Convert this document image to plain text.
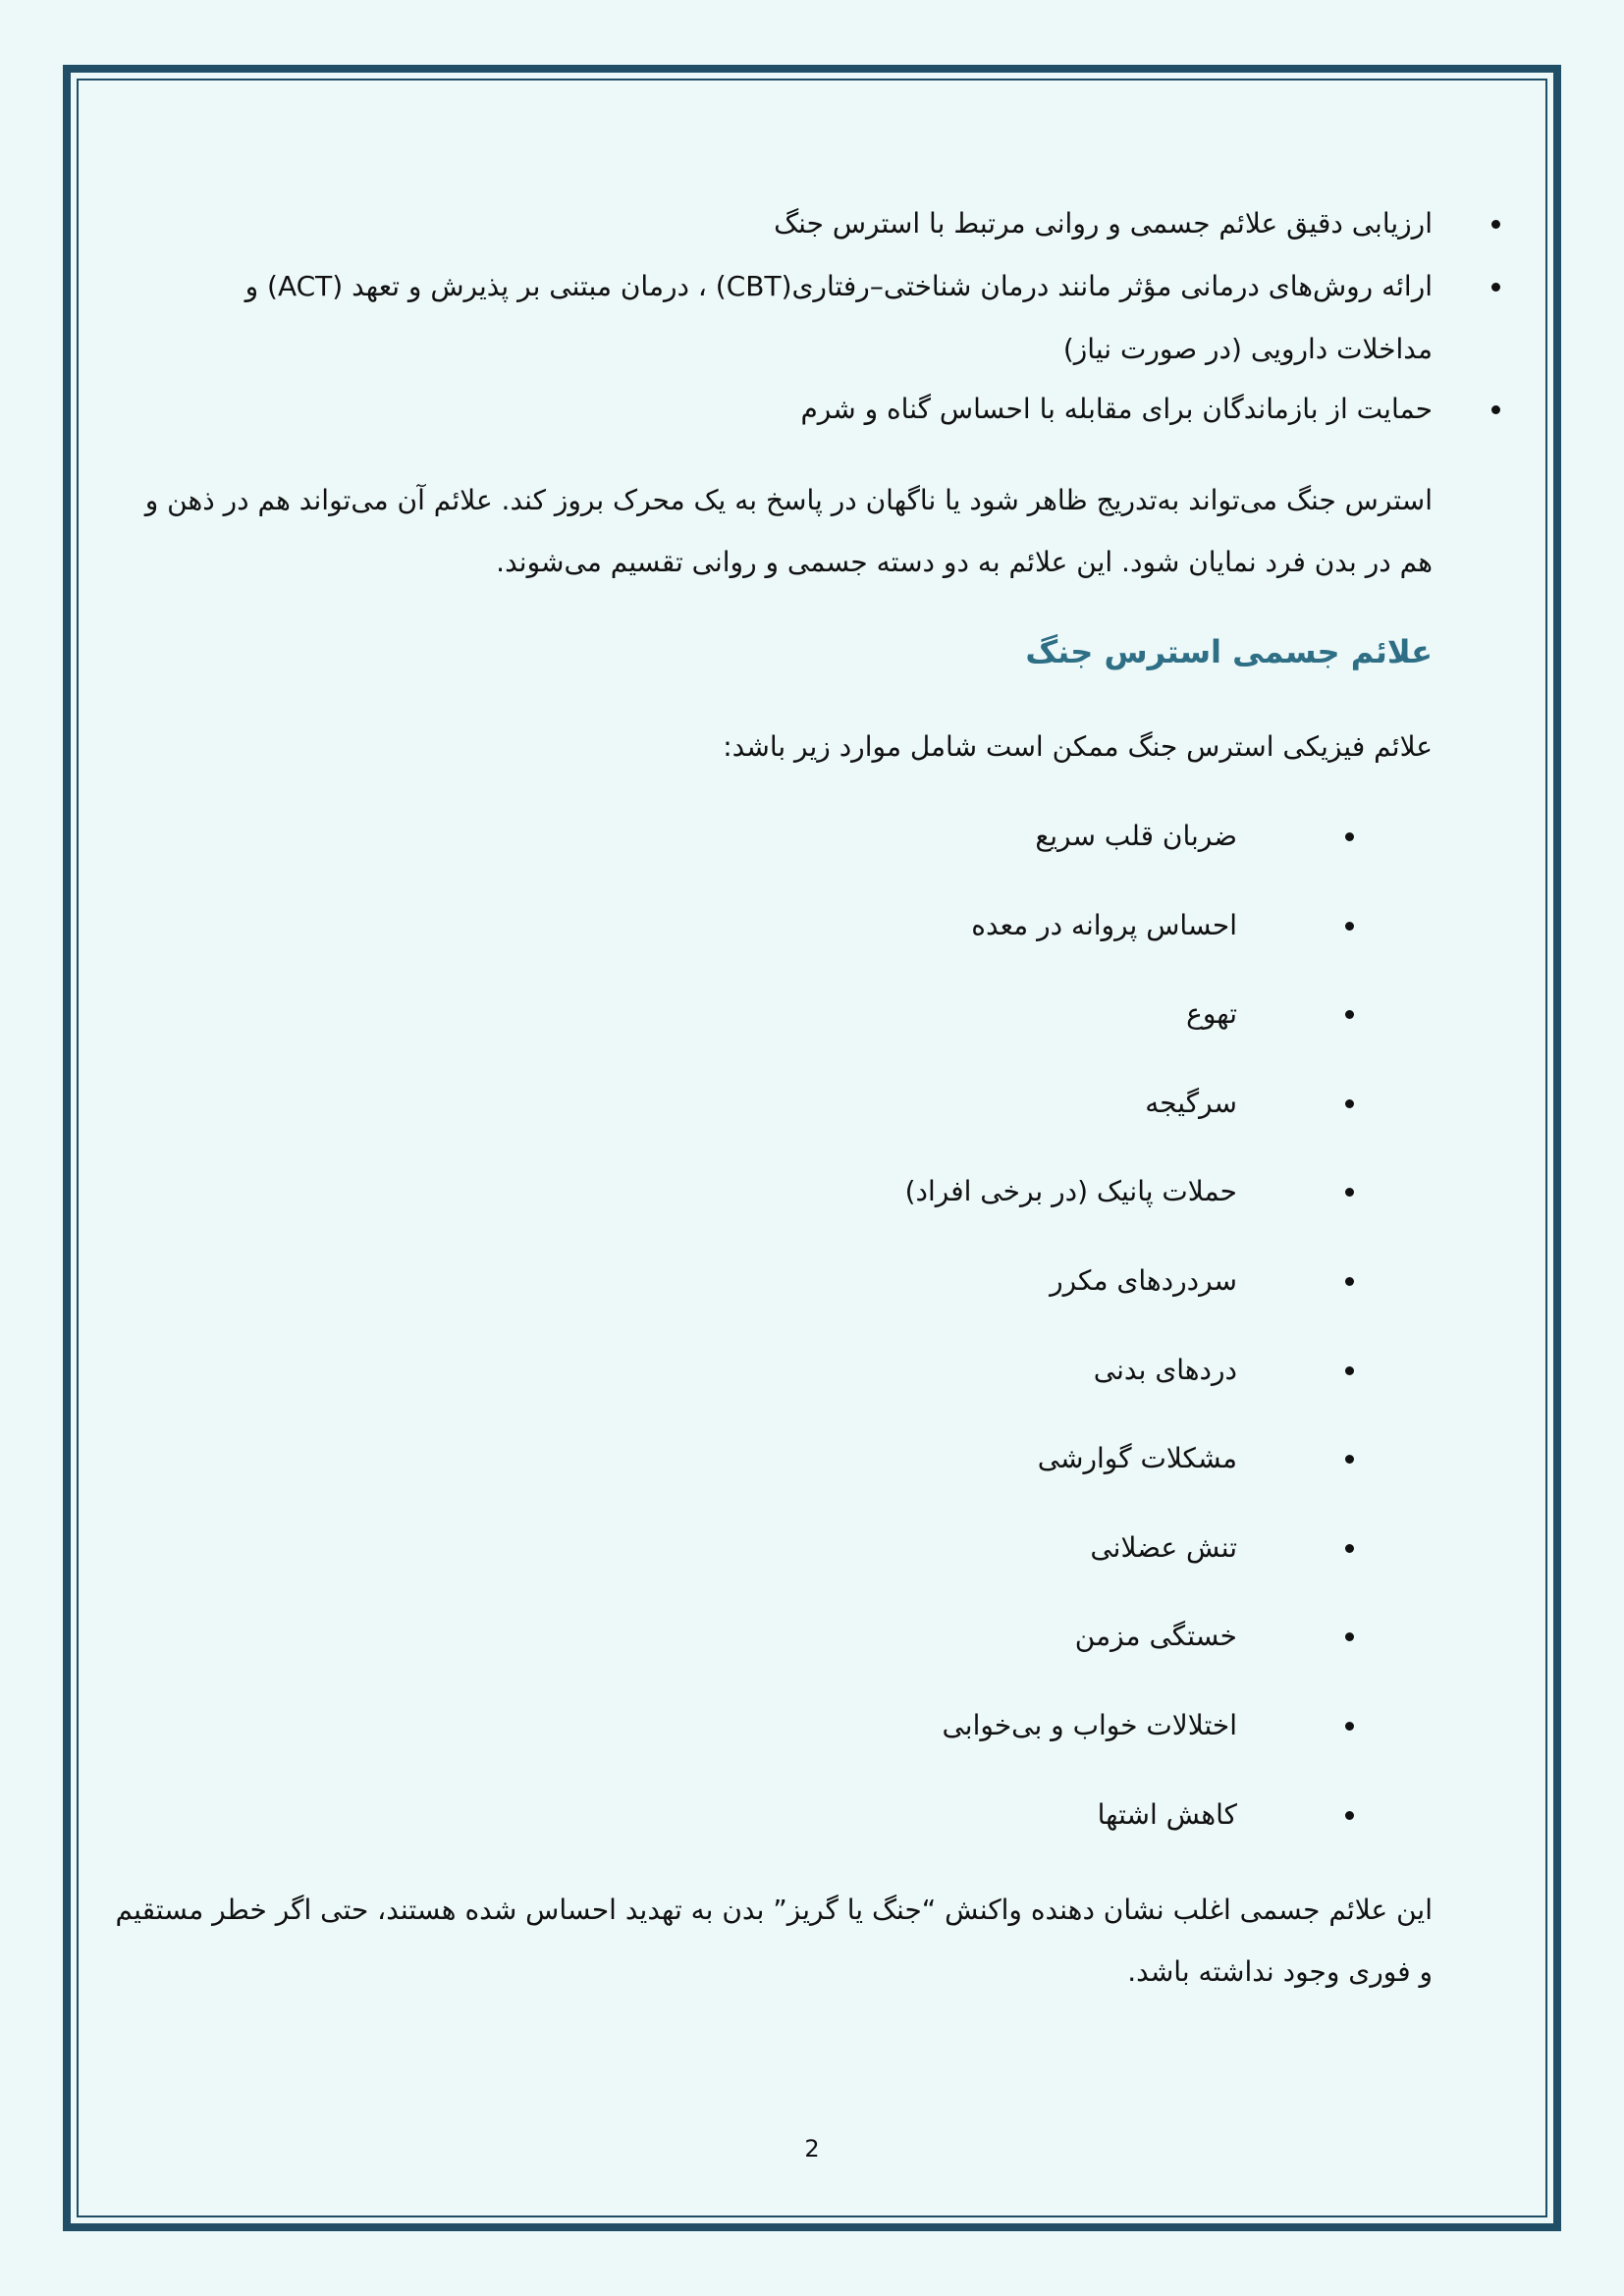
ارزیابی دقیق علائم جسمی و روانی مرتبط با استرس جنگ
ارائه روش‌های درمانی مؤثر مانند درمان شناختی–رفتاری(CBT) ، درمان مبتنی بر پذیرش و تعهد (ACT) و
مداخلات دارویی (در صورت نیاز)
حمایت از بازماندگان برای مقابله با احساس گناه و شرم
استرس جنگ می‌تواند به‌تدریج ظاهر شود یا ناگهان در پاسخ به یک محرک بروز کند. علائم آن می‌تواند هم در ذهن و
هم در بدن فرد نمایان شود. این علائم به دو دسته جسمی و روانی تقسیم می‌شوند.
علائم جسمی استرس جنگ
علائم فیزیکی استرس جنگ ممکن است شامل موارد زیر باشد:
ضربان قلب سریع
احساس پروانه در معده
تهوع
سرگیجه
حملات پانیک (در برخی افراد)
سردردهای مکرر
دردهای بدنی
مشکلات گوارشی
تنش عضلانی
خستگی مزمن
اختلالات خواب و بی‌خوابی
کاهش اشتها
این علائم جسمی اغلب نشان دهنده واکنش “جنگ یا گریز” بدن به تهدید احساس شده هستند، حتی اگر خطر مستقیم
و فوری وجود نداشته باشد.
2
